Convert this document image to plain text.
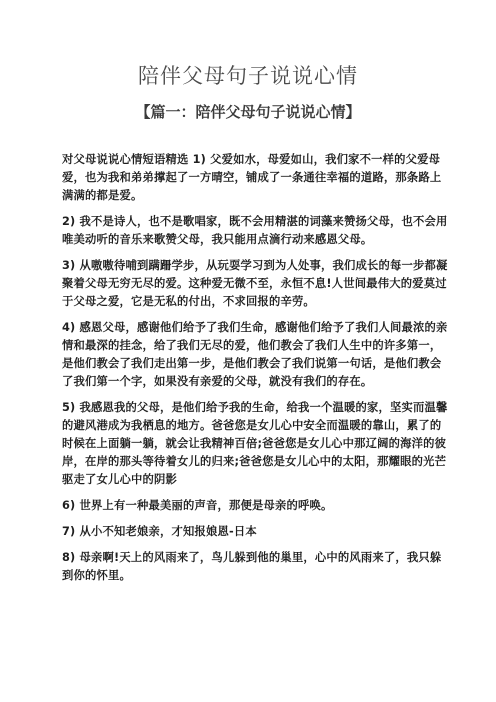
陪伴父母句子说说心情
【篇一：陪伴父母句子说说心情】

对父母说说心情短语精选 1) 父爱如水，母爱如山，我们家不一样的父爱母爱，也为我和弟弟撑起了一方晴空，铺成了一条通往幸福的道路，那条路上满满的都是爱。

2) 我不是诗人，也不是歌唱家，既不会用精湛的词藻来赞扬父母，也不会用唯美动听的音乐来歌赞父母，我只能用点滴行动来感恩父母。

3) 从嗷嗷待哺到蹒跚学步，从玩耍学习到为人处事，我们成长的每一步都凝聚着父母无穷无尽的爱。这种爱无微不至，永恒不息!人世间最伟大的爱莫过于父母之爱，它是无私的付出，不求回报的辛劳。

4) 感恩父母，感谢他们给予了我们生命，感谢他们给予了我们人间最浓的亲情和最深的挂念，给了我们无尽的爱，他们教会了我们人生中的许多第一，是他们教会了我们走出第一步，是他们教会了我们说第一句话，是他们教会了我们第一个字，如果没有亲爱的父母，就没有我们的存在。

5) 我感恩我的父母，是他们给予我的生命，给我一个温暖的家，坚实而温馨的避风港成为我栖息的地方。爸爸您是女儿心中安全而温暖的靠山，累了的时候在上面躺一躺，就会让我精神百倍;爸爸您是女儿心中那辽阔的海洋的彼岸，在岸的那头等待着女儿的归来;爸爸您是女儿心中的太阳，那耀眼的光芒驱走了女儿心中的阴影

6) 世界上有一种最美丽的声音，那便是母亲的呼唤。

7) 从小不知老娘亲，才知报娘恩-日本

8) 母亲啊!天上的风雨来了，鸟儿躲到他的巢里，心中的风雨来了，我只躲到你的怀里。
